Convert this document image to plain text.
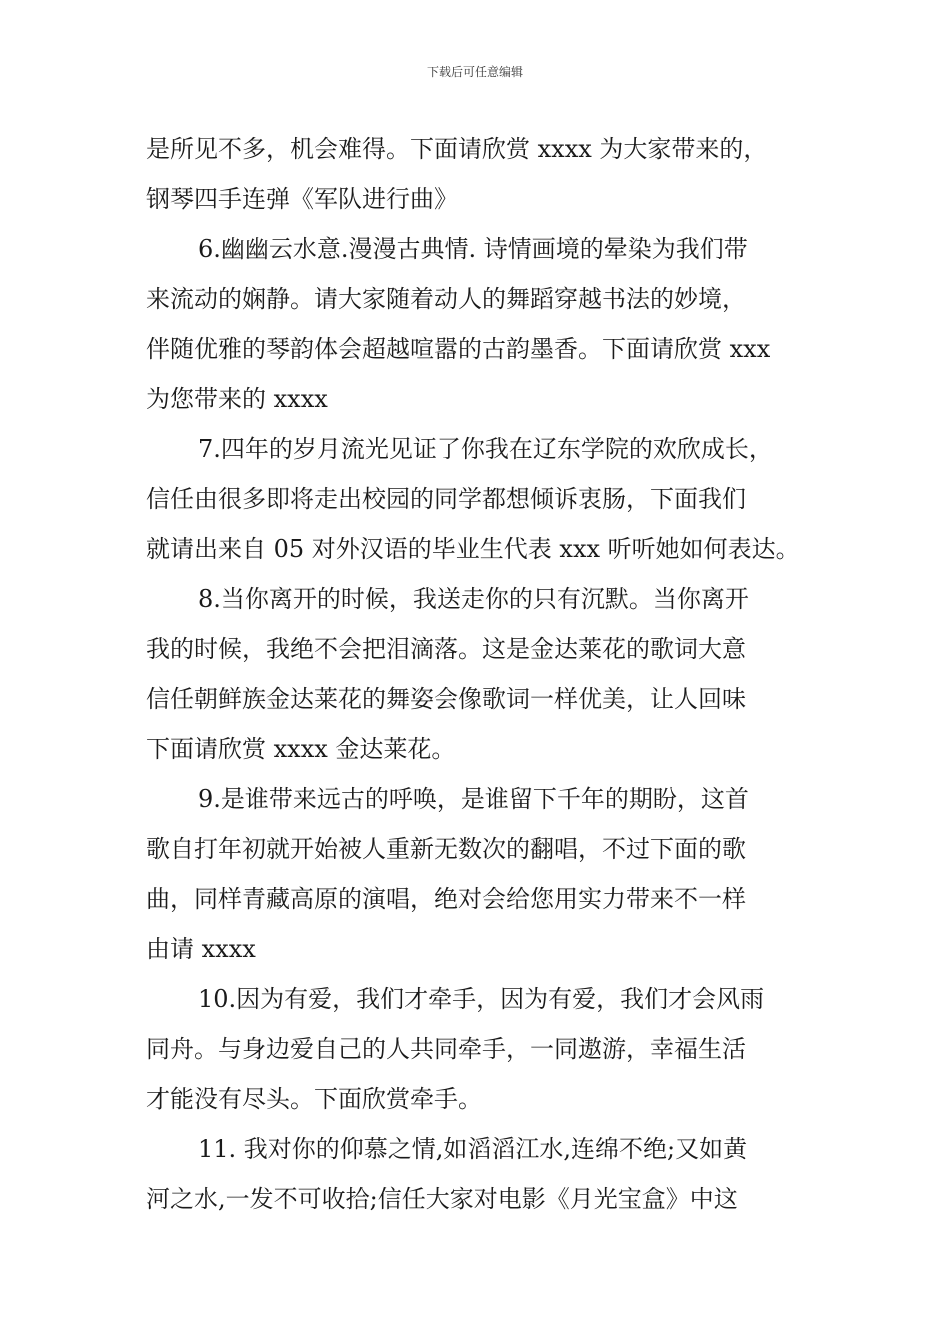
下载后可任意编辑
是所见不多，机会难得。下面请欣赏 xxxx 为大家带来的，
钢琴四手连弹《军队进行曲》
6.幽幽云水意.漫漫古典情. 诗情画境的晕染为我们带
来流动的娴静。请大家随着动人的舞蹈穿越书法的妙境，
伴随优雅的琴韵体会超越喧嚣的古韵墨香。下面请欣赏 xxx
为您带来的 xxxx
7.四年的岁月流光见证了你我在辽东学院的欢欣成长，
信任由很多即将走出校园的同学都想倾诉衷肠，下面我们
就请出来自 05 对外汉语的毕业生代表 xxx 听听她如何表达。
8.当你离开的时候，我送走你的只有沉默。当你离开
我的时候，我绝不会把泪滴落。这是金达莱花的歌词大意
信任朝鲜族金达莱花的舞姿会像歌词一样优美，让人回味
下面请欣赏 xxxx 金达莱花。
9.是谁带来远古的呼唤，是谁留下千年的期盼，这首
歌自打年初就开始被人重新无数次的翻唱，不过下面的歌
曲，同样青藏高原的演唱，绝对会给您用实力带来不一样
由请 xxxx
10.因为有爱，我们才牵手，因为有爱，我们才会风雨
同舟。与身边爱自己的人共同牵手，一同遨游，幸福生活
才能没有尽头。下面欣赏牵手。
11. 我对你的仰慕之情,如滔滔江水,连绵不绝;又如黄
河之水,一发不可收拾;信任大家对电影《月光宝盒》中这
